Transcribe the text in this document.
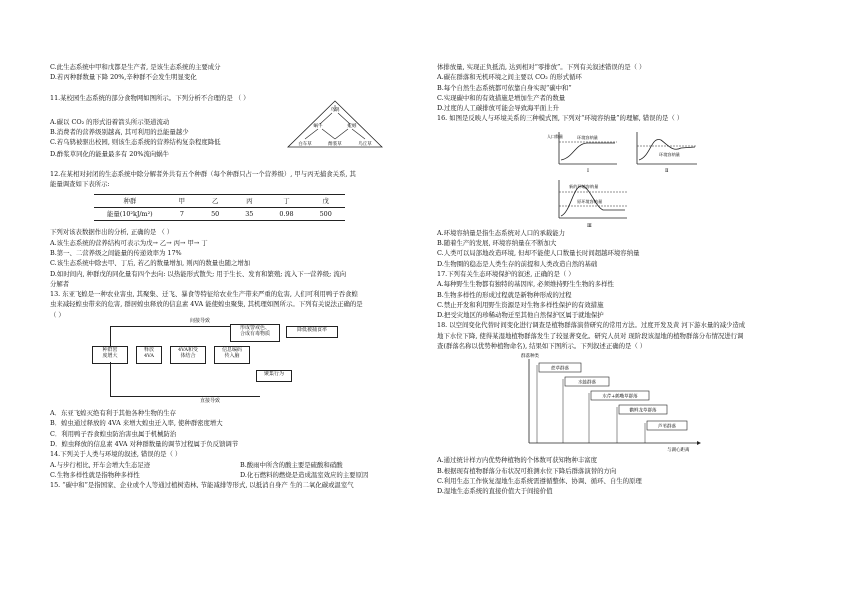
C.此生态系统中甲和戊都是生产者, 是该生态系统的主要成分

D.若丙种群数量下降 20%,辛种群不会发生明显变化

11.某校园生态系统的部分食物网如图所示。下列分析不合理的是 （ ）

乌鸫
蜗牛	蚯蚓
白车草	酢浆草	鸟丘草

A.碳以 CO₂ 的形式沿着箭头所示渠道流动

B.消费者的营养级别越高, 其可利用的总能量越少

C.若乌鸫被驱出校园, 则该生态系统的营养结构复杂程度降低

D.酢浆草同化的能量最多有 20%流向蜗牛

12.在某相对封闭的生态系统中除分解者外共有五个种群（每个种群只占一个营养级）, 甲与丙无捕食关系, 其

能量调查如下表所示:

种群	甲	乙	丙	丁	戊
能量(10²kJ/m²)	7	50	35	0.98	500

下列对该表数据作出的分析, 正确的是 （ ）

A.该生态系统的营养结构可表示为戊→ 乙→ 丙→ 甲→ 丁

B.第一、二营养级之间能量的传递效率为 17%

C.该生态系统中除去甲、丁后, 若乙的数量增加, 则丙的数量也随之增加

D.如时间内, 种群戊的同化量有四个去向: 以热能形式散失; 用于生长、发育和繁殖; 流入下一营养级; 流向

分解者

13. 东亚飞蝗是一种农业害虫, 其聚集、迁飞、暴食等特征给农业生产带来严重的危害, 人们可利用鸭子吞食蝗

虫来减轻蝗虫带来的危害, 群居蝗虫释放的信息素 4VA 能使蝗虫聚集, 其机理如图所示。下列有关说法正确的是

（ ）

间接导致
种群密
度增大
释放
4VA
4VA和受
体结合
信息编码
传入脑
形成警戒色、
合成有毒物质
降低被捕食率
聚集行为
直接导致

A．东亚飞蝗灭绝有利于其他各种生物的生存

B．蝗虫通过释放的 4VA 来增大蝗虫迁入率, 使种群密度增大

C．利用鸭子吞食蝗虫防治害虫属于机械防治

D．蝗虫释放的信息素 4VA 对种群数量的调节过程属于负反馈调节

14.下列关于人类与环境的叙述, 错误的是（ ）

A.与步行相比, 开车会增大生态足迹	B.酸雨中所含的酸主要是硫酸和硝酸

C.生物多样性就是指物种多样性	D.化石燃料的燃烧是造成温室效应的主要原因

15. “碳中和”是指国家、企业或个人等通过植树造林, 节能减排等形式, 以抵消自身产 生的二氧化碳或温室气

体排放量, 实现正负抵消, 达到相对“零排放”。下列有关叙述错误的是（ ）

A.碳在群落和无机环境之间主要以 CO₂ 的形式循环

B.每个自然生态系统都可依靠自身实现“碳中和”

C.实现碳中和的有效措施是增加生产者的数量

D.过度的人工碳排放可能会导致海平面上升

16. 如图是反映人与环境关系的三种模式图, 下列对“环境容纳量”的理解, 错误的是（ ）

环境容纳量
人口数量
Ⅰ
环境容纳量
Ⅱ
新的环境容纳量
原环境容纳量
Ⅲ

A.环境容纳量是指生态系统对人口的承载能力

B.随着生产的发展, 环境容纳量在不断加大

C.人类可以局部地改造环境, 但却不能使人口数量长时间超越环境容纳量

D.生物圈的稳态是人类生存的前提和人类改造自然的基础

17.下列有关生态环境保护的叙述, 正确的是（ ）

A.每种野生生物都有独特的基因库, 必须维持野生生物的多样性

B.生物多样性的形成过程就是新物种形成的过程

C.禁止开发和利用野生资源是对生物多样性保护的有效措施

D.把受灾地区的珍稀动物迁至其他自然保护区属于就地保护

18. 以空间变化代替时间变化进行调查是植物群落演替研究的常用方法。过度开发及黄 河下游水量的减少造成

地下水位下降, 使得某湿地植物群落发生了较显著变化。研究人员对 现阶段该湿地的植物群落分布情况进行调

查(群落名称以优势种植物命名), 结果如下图所示。下列叙述正确的是（ ）

群落种类
与湖心距离
蔗草群落
水蛙群落
水芹+鹤嘴草群落
鹳鲜龙草群落
芦苇群落

A.通过统计样方内优势种植物的个体数可获知物种丰富度

B.根据现有植物群落分布状况可推测水位下降后群落演替的方向

C.利用生态工作恢复湿地生态系统需遵循整体、协调、循环、自生的原理

D.湿地生态系统的直接价值大于间接价值
